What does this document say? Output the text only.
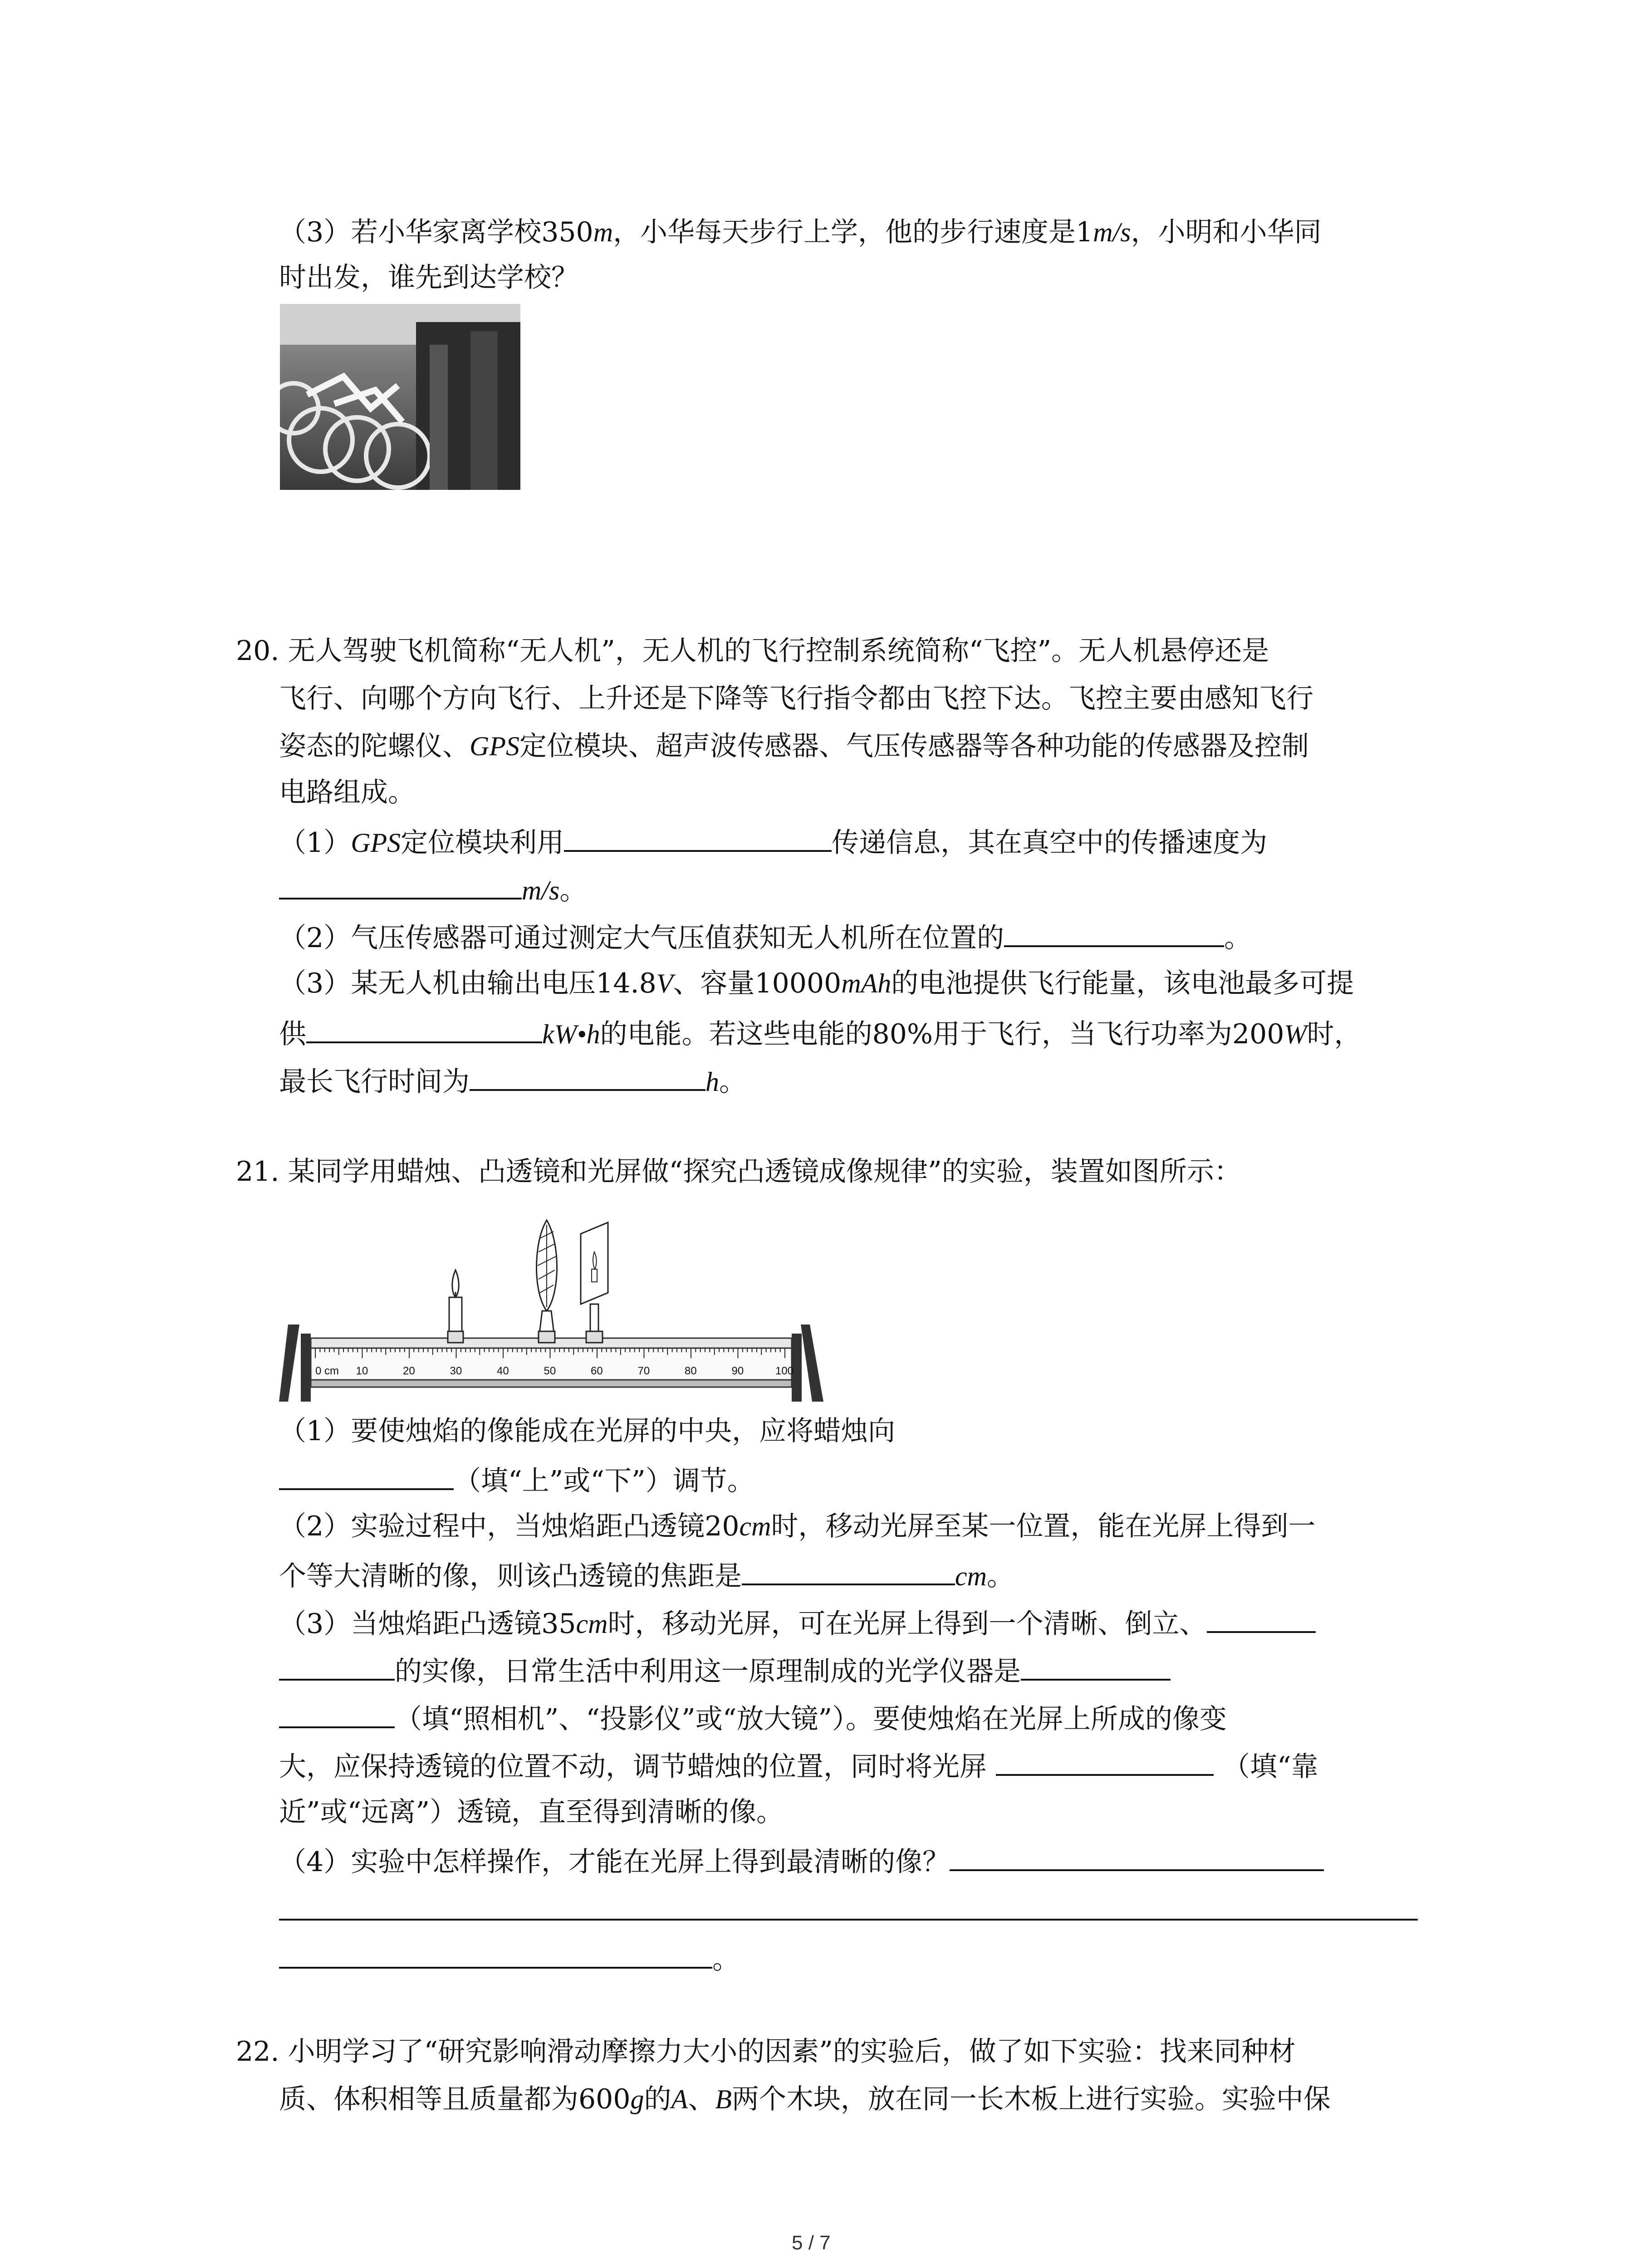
（3）若小华家离学校350m，小华每天步行上学，他的步行速度是1m/s，小明和小华同
时出发，谁先到达学校？
20. 无人驾驶飞机简称“无人机”，无人机的飞行控制系统简称“飞控”。无人机悬停还是
飞行、向哪个方向飞行、上升还是下降等飞行指令都由飞控下达。飞控主要由感知飞行
姿态的陀螺仪、GPS定位模块、超声波传感器、气压传感器等各种功能的传感器及控制
电路组成。
（1）GPS定位模块利用	传递信息，其在真空中的传播速度为
m/s。
（2）气压传感器可通过测定大气压值获知无人机所在位置的	。
（3）某无人机由输出电压14.8V、容量10000mAh的电池提供飞行能量，该电池最多可提
供	kW•h的电能。若这些电能的80%用于飞行，当飞行功率为200W时，
最长飞行时间为	h。
21. 某同学用蜡烛、凸透镜和光屏做“探究凸透镜成像规律”的实验，装置如图所示：
0 cm 10	20	30	40	50	60	70	80	90	100
（1）要使烛焰的像能成在光屏的中央，应将蜡烛向
（填“上”或“下”）调节。
（2）实验过程中，当烛焰距凸透镜20cm时，移动光屏至某一位置，能在光屏上得到一
个等大清晰的像，则该凸透镜的焦距是	cm。
（3）当烛焰距凸透镜35cm时，移动光屏，可在光屏上得到一个清晰、倒立、
的实像，日常生活中利用这一原理制成的光学仪器是
（填“照相机”、“投影仪”或“放大镜”）。要使烛焰在光屏上所成的像变
大，应保持透镜的位置不动，调节蜡烛的位置，同时将光屏	（填“靠
近”或“远离”）透镜，直至得到清晰的像。
（4）实验中怎样操作，才能在光屏上得到最清晰的像？
。
22. 小明学习了“研究影响滑动摩擦力大小的因素”的实验后，做了如下实验：找来同种材
质、体积相等且质量都为600g的A、B两个木块，放在同一长木板上进行实验。实验中保
5 / 7
